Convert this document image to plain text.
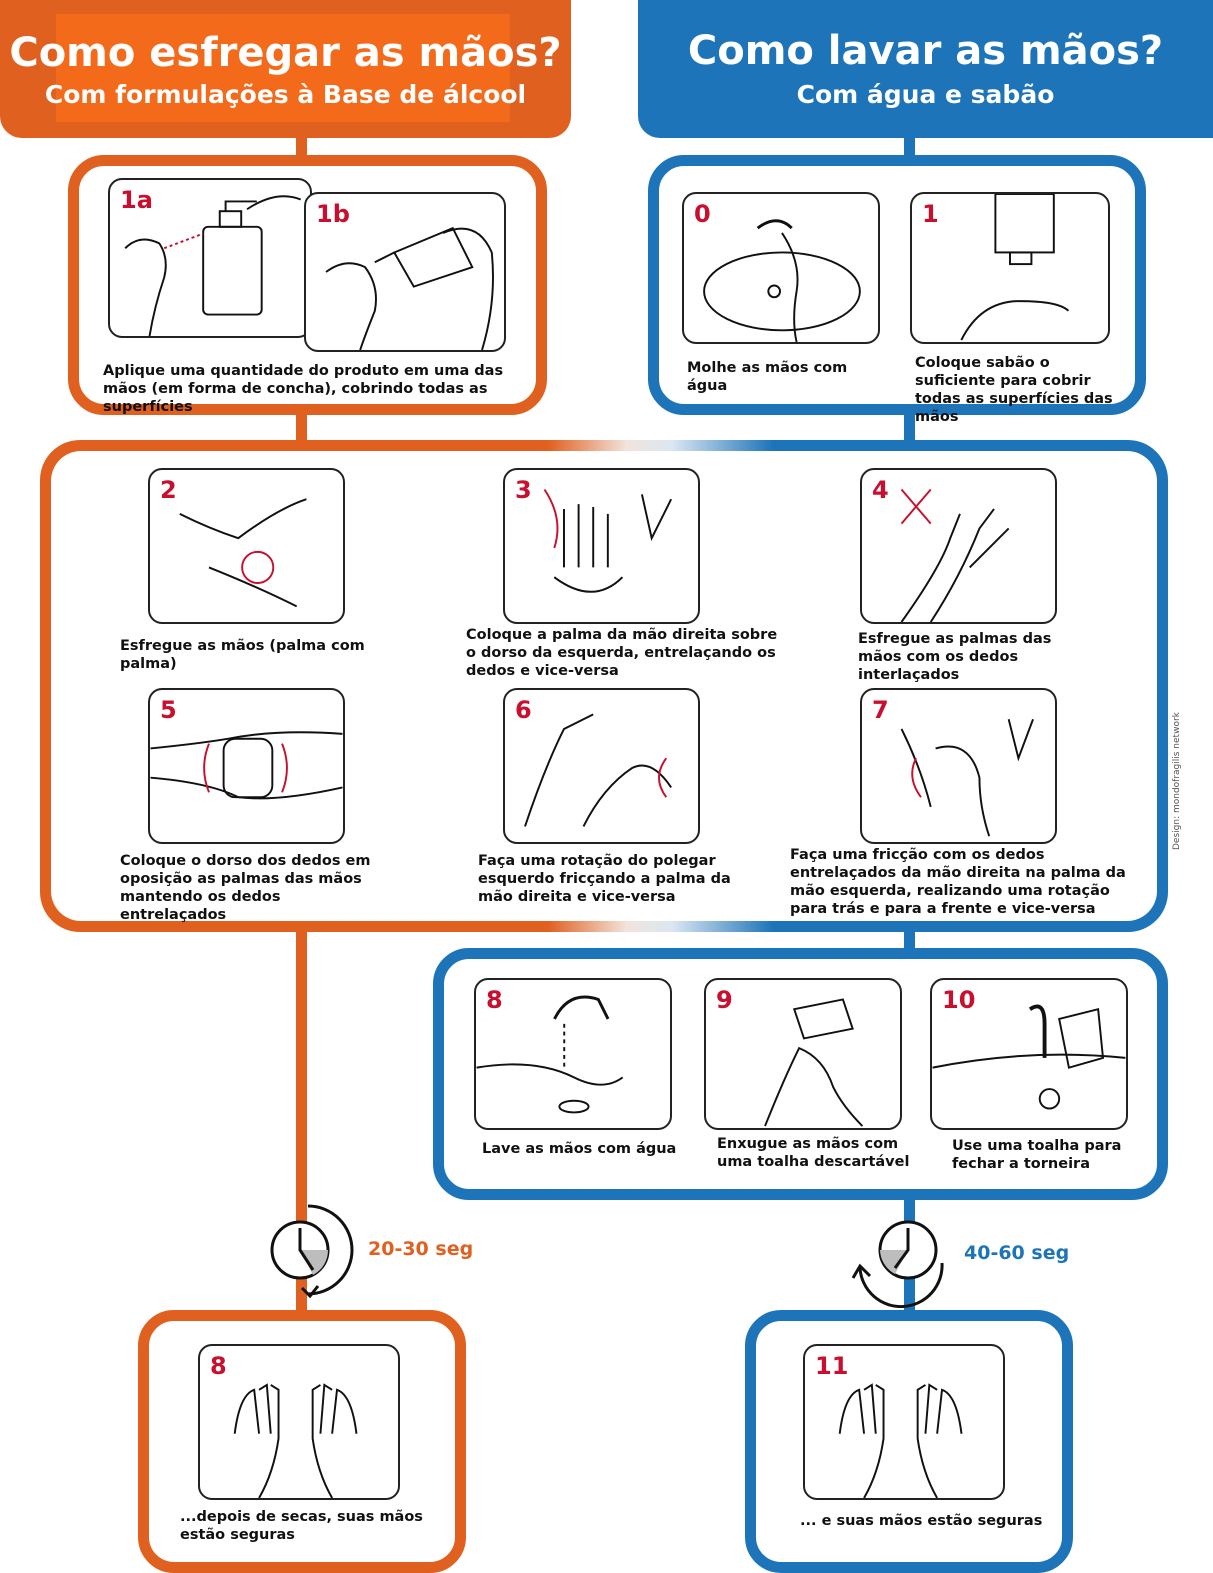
Como esfregar as mãos?
Com formulações à Base de álcool
Como lavar as mãos?
Com água e sabão
1a	1b
Aplique uma quantidade do produto em uma das mãos (em forma de concha), cobrindo todas as superfícies
0
Molhe as mãos com água
1
Coloque sabão o suficiente para cobrir todas as superfícies das mãos
2
Esfregue as mãos (palma com palma)
3
Coloque a palma da mão direita sobre o dorso da esquerda, entrelaçando os dedos e vice-versa
4
Esfregue as palmas das mãos com os dedos interlaçados
5
Coloque o dorso dos dedos em oposição as palmas das mãos mantendo os dedos entrelaçados
6
Faça uma rotação do polegar esquerdo fricçando a palma da mão direita e vice-versa
7
Faça uma fricção com os dedos entrelaçados da mão direita na palma da mão esquerda, realizando uma rotação para trás e para a frente e vice-versa
8
Lave as mãos com água
9
Enxugue as mãos com uma toalha descartável
10
Use uma toalha para fechar a torneira
20-30 seg	40-60 seg
8
...depois de secas, suas mãos estão seguras
11
... e suas mãos estão seguras
Design: mondofragilis network
